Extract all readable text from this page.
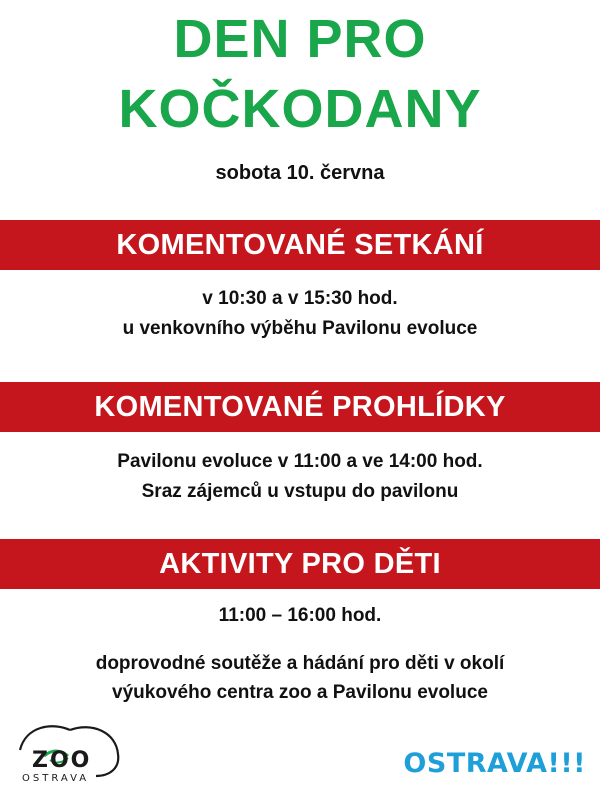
DEN PRO
KOČKODANY
sobota 10. června
KOMENTOVANÉ SETKÁNÍ
v 10:30 a v 15:30 hod.
u venkovního výběhu Pavilonu evoluce
KOMENTOVANÉ PROHLÍDKY
Pavilonu evoluce v 11:00 a ve 14:00 hod.
Sraz zájemců u vstupu do pavilonu
AKTIVITY PRO DĚTI
11:00 – 16:00 hod.
doprovodné soutěže a hádání pro děti v okolí
výukového centra zoo a Pavilonu evoluce
ZOO
OSTRAVA	OSTRAVA!!!
